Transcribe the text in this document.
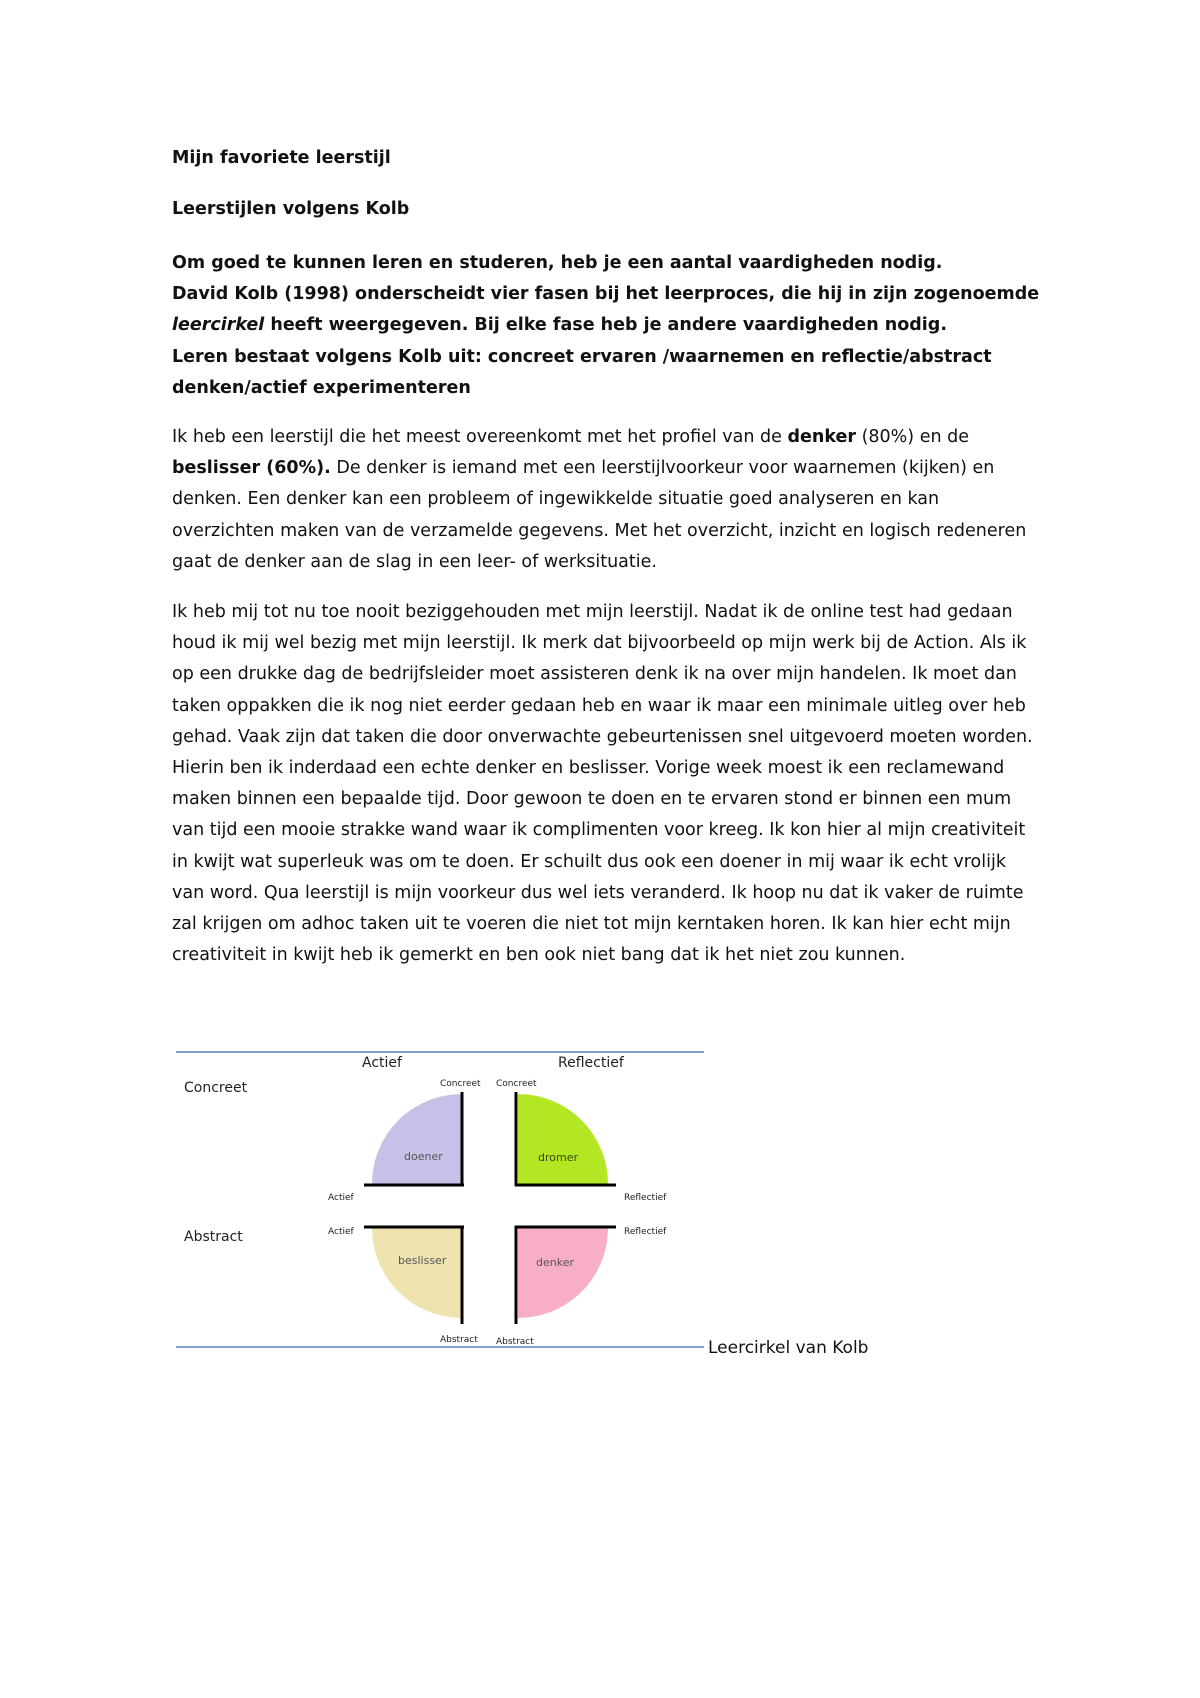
Mijn favoriete leerstijl
Leerstijlen volgens Kolb
Om goed te kunnen leren en studeren, heb je een aantal vaardigheden nodig.
David Kolb (1998) onderscheidt vier fasen bij het leerproces, die hij in zijn zogenoemde
leercirkel heeft weergegeven. Bij elke fase heb je andere vaardigheden nodig.
Leren bestaat volgens Kolb uit: concreet ervaren /waarnemen en reflectie/abstract
denken/actief experimenteren
Ik heb een leerstijl die het meest overeenkomt met het profiel van de denker (80%) en de
beslisser (60%). De denker is iemand met een leerstijlvoorkeur voor waarnemen (kijken) en
denken. Een denker kan een probleem of ingewikkelde situatie goed analyseren en kan
overzichten maken van de verzamelde gegevens. Met het overzicht, inzicht en logisch redeneren
gaat de denker aan de slag in een leer- of werksituatie.
Ik heb mij tot nu toe nooit beziggehouden met mijn leerstijl. Nadat ik de online test had gedaan
houd ik mij wel bezig met mijn leerstijl. Ik merk dat bijvoorbeeld op mijn werk bij de Action. Als ik
op een drukke dag de bedrijfsleider moet assisteren denk ik na over mijn handelen. Ik moet dan
taken oppakken die ik nog niet eerder gedaan heb en waar ik maar een minimale uitleg over heb
gehad. Vaak zijn dat taken die door onverwachte gebeurtenissen snel uitgevoerd moeten worden.
Hierin ben ik inderdaad een echte denker en beslisser. Vorige week moest ik een reclamewand
maken binnen een bepaalde tijd. Door gewoon te doen en te ervaren stond er binnen een mum
van tijd een mooie strakke wand waar ik complimenten voor kreeg. Ik kon hier al mijn creativiteit
in kwijt wat superleuk was om te doen. Er schuilt dus ook een doener in mij waar ik echt vrolijk
van word. Qua leerstijl is mijn voorkeur dus wel iets veranderd. Ik hoop nu dat ik vaker de ruimte
zal krijgen om adhoc taken uit te voeren die niet tot mijn kerntaken horen. Ik kan hier echt mijn
creativiteit in kwijt heb ik gemerkt en ben ook niet bang dat ik het niet zou kunnen.
Actief	Reflectief
Concreet
Abstract
Concreet Concreet
Actief	Reflectief
Actief	Reflectief
Abstract Abstract
doener	dromer
beslisser	denker
Leercirkel van Kolb
